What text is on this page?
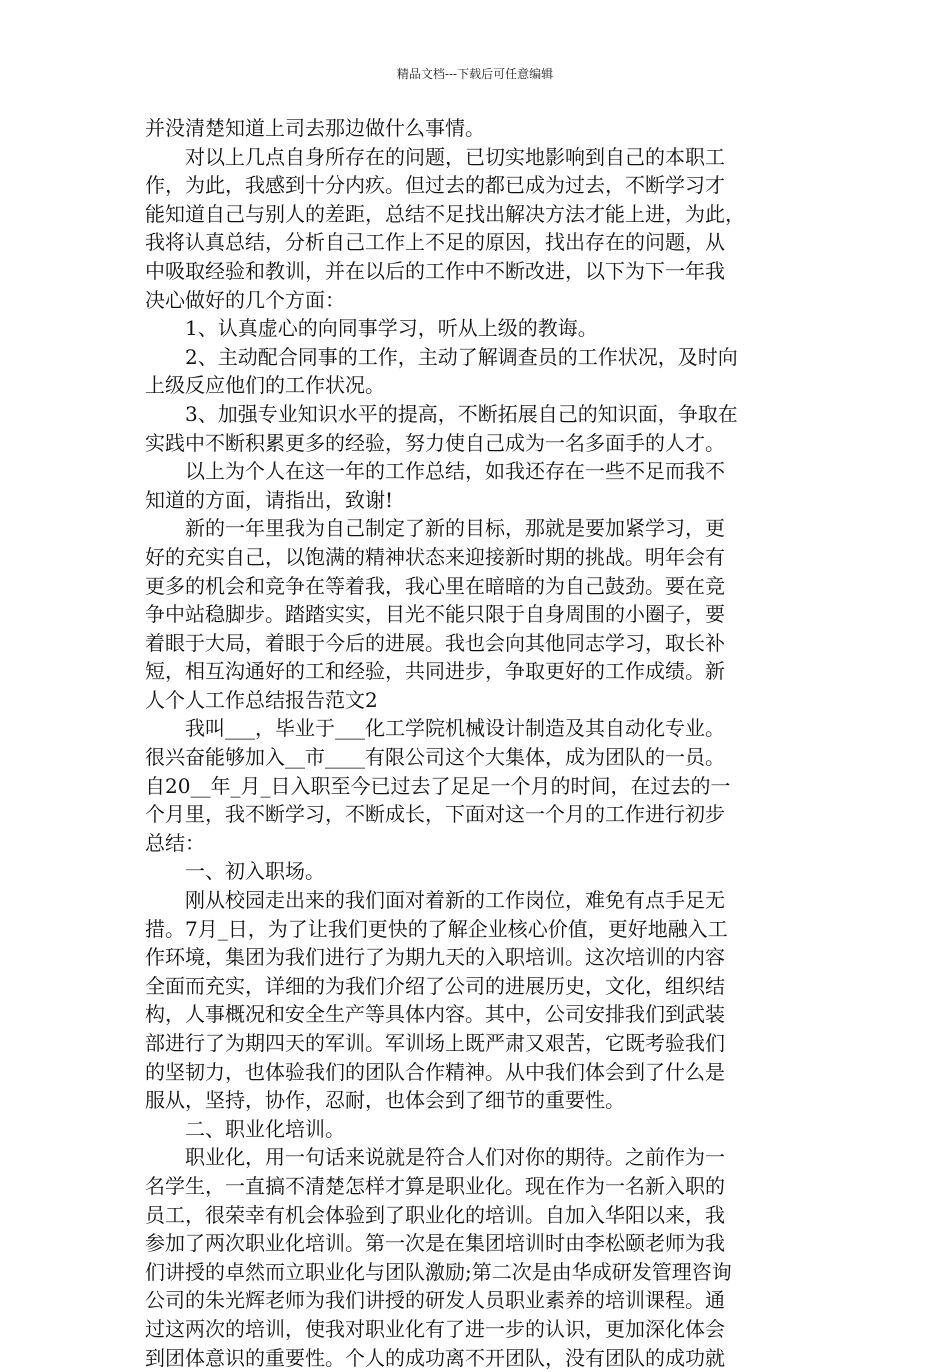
精品文档---下载后可任意编辑
并没清楚知道上司去那边做什么事情。
对以上几点自身所存在的问题，已切实地影响到自己的本职工
作，为此，我感到十分内疚。但过去的都已成为过去，不断学习才
能知道自己与别人的差距，总结不足找出解决方法才能上进，为此，
我将认真总结，分析自己工作上不足的原因，找出存在的问题，从
中吸取经验和教训，并在以后的工作中不断改进，以下为下一年我
决心做好的几个方面：
1、认真虚心的向同事学习，听从上级的教诲。
2、主动配合同事的工作，主动了解调查员的工作状况，及时向
上级反应他们的工作状况。
3、加强专业知识水平的提高，不断拓展自己的知识面，争取在
实践中不断积累更多的经验，努力使自己成为一名多面手的人才。
以上为个人在这一年的工作总结，如我还存在一些不足而我不
知道的方面，请指出，致谢!
新的一年里我为自己制定了新的目标，那就是要加紧学习，更
好的充实自己，以饱满的精神状态来迎接新时期的挑战。明年会有
更多的机会和竞争在等着我，我心里在暗暗的为自己鼓劲。要在竞
争中站稳脚步。踏踏实实，目光不能只限于自身周围的小圈子，要
着眼于大局，着眼于今后的进展。我也会向其他同志学习，取长补
短，相互沟通好的工和经验，共同进步，争取更好的工作成绩。新
人个人工作总结报告范文2
我叫___，毕业于___化工学院机械设计制造及其自动化专业。
很兴奋能够加入__市____有限公司这个大集体，成为团队的一员。
自20__年_月_日入职至今已过去了足足一个月的时间，在过去的一
个月里，我不断学习，不断成长，下面对这一个月的工作进行初步
总结：
一、初入职场。
刚从校园走出来的我们面对着新的工作岗位，难免有点手足无
措。7月_日，为了让我们更快的了解企业核心价值，更好地融入工
作环境，集团为我们进行了为期九天的入职培训。这次培训的内容
全面而充实，详细的为我们介绍了公司的进展历史，文化，组织结
构，人事概况和安全生产等具体内容。其中，公司安排我们到武装
部进行了为期四天的军训。军训场上既严肃又艰苦，它既考验我们
的坚韧力，也体验我们的团队合作精神。从中我们体会到了什么是
服从，坚持，协作，忍耐，也体会到了细节的重要性。
二、职业化培训。
职业化，用一句话来说就是符合人们对你的期待。之前作为一
名学生，一直搞不清楚怎样才算是职业化。现在作为一名新入职的
员工，很荣幸有机会体验到了职业化的培训。自加入华阳以来，我
参加了两次职业化培训。第一次是在集团培训时由李松颐老师为我
们讲授的卓然而立职业化与团队激励;第二次是由华成研发管理咨询
公司的朱光辉老师为我们讲授的研发人员职业素养的培训课程。通
过这两次的培训，使我对职业化有了进一步的认识，更加深化体会
到团体意识的重要性。个人的成功离不开团队，没有团队的成功就
